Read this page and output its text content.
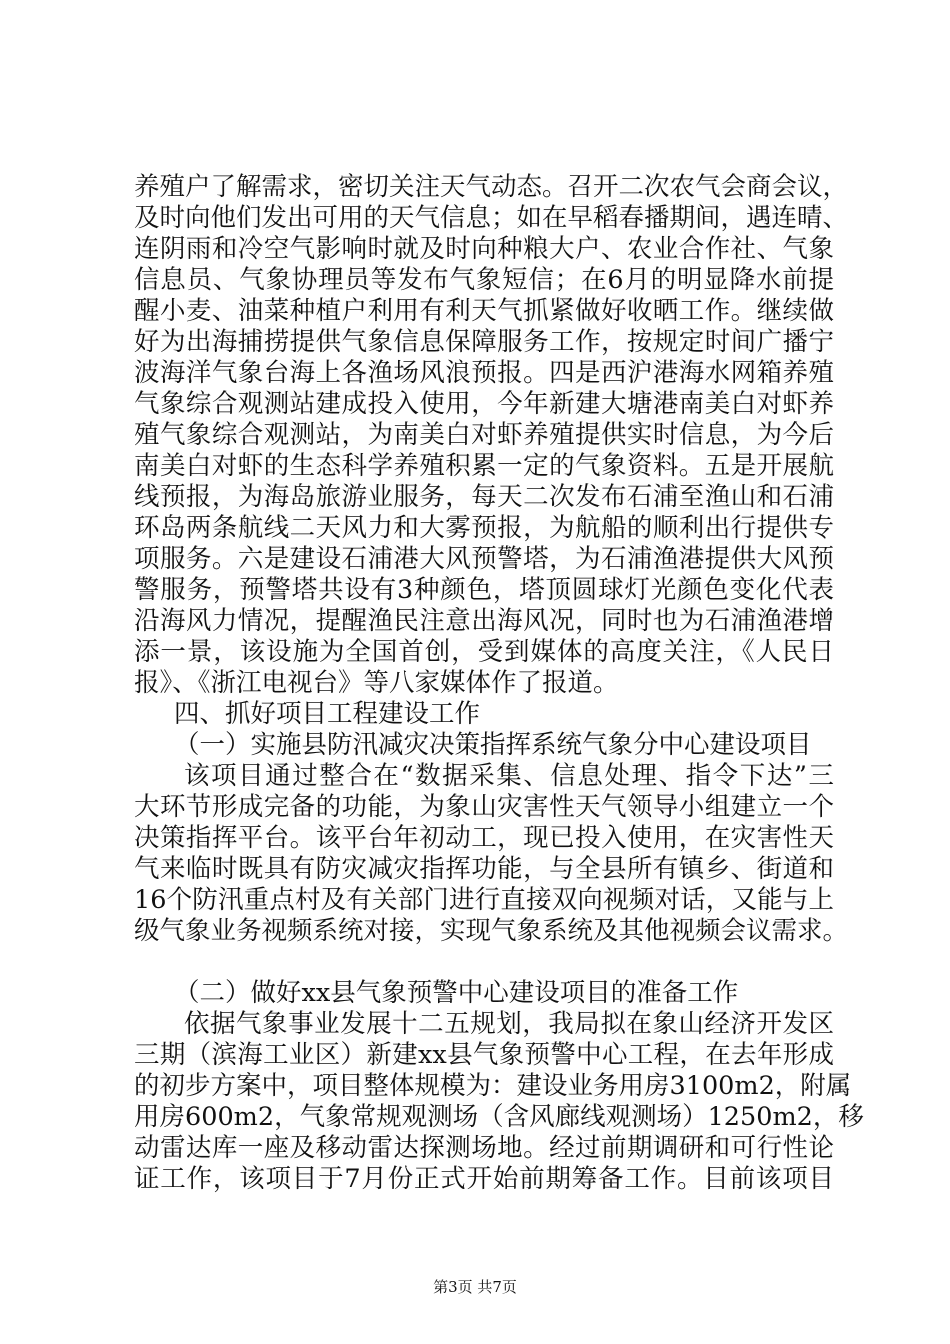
养殖户了解需求，密切关注天气动态。召开二次农气会商会议，
及时向他们发出可用的天气信息；如在早稻春播期间，遇连晴、
连阴雨和冷空气影响时就及时向种粮大户、农业合作社、气象
信息员、气象协理员等发布气象短信；在6月的明显降水前提
醒小麦、油菜种植户利用有利天气抓紧做好收晒工作。继续做
好为出海捕捞提供气象信息保障服务工作，按规定时间广播宁
波海洋气象台海上各渔场风浪预报。四是西沪港海水网箱养殖
气象综合观测站建成投入使用，今年新建大塘港南美白对虾养
殖气象综合观测站，为南美白对虾养殖提供实时信息，为今后
南美白对虾的生态科学养殖积累一定的气象资料。五是开展航
线预报，为海岛旅游业服务，每天二次发布石浦至渔山和石浦
环岛两条航线二天风力和大雾预报，为航船的顺利出行提供专
项服务。六是建设石浦港大风预警塔，为石浦渔港提供大风预
警服务，预警塔共设有3种颜色，塔顶圆球灯光颜色变化代表
沿海风力情况，提醒渔民注意出海风况，同时也为石浦渔港增
添一景，该设施为全国首创，受到媒体的高度关注，《人民日
报》、《浙江电视台》等八家媒体作了报道。
四、抓好项目工程建设工作
（一）实施县防汛减灾决策指挥系统气象分中心建设项目
该项目通过整合在“数据采集、信息处理、指令下达”三
大环节形成完备的功能，为象山灾害性天气领导小组建立一个
决策指挥平台。该平台年初动工，现已投入使用，在灾害性天
气来临时既具有防灾减灾指挥功能，与全县所有镇乡、街道和
16个防汛重点村及有关部门进行直接双向视频对话，又能与上
级气象业务视频系统对接，实现气象系统及其他视频会议需求。
（二）做好xx县气象预警中心建设项目的准备工作
依据气象事业发展十二五规划，我局拟在象山经济开发区
三期（滨海工业区）新建xx县气象预警中心工程，在去年形成
的初步方案中，项目整体规模为：建设业务用房3100m2，附属
用房600m2，气象常规观测场（含风廊线观测场）1250m2，移
动雷达库一座及移动雷达探测场地。经过前期调研和可行性论
证工作，该项目于7月份正式开始前期筹备工作。目前该项目
第3页 共7页
